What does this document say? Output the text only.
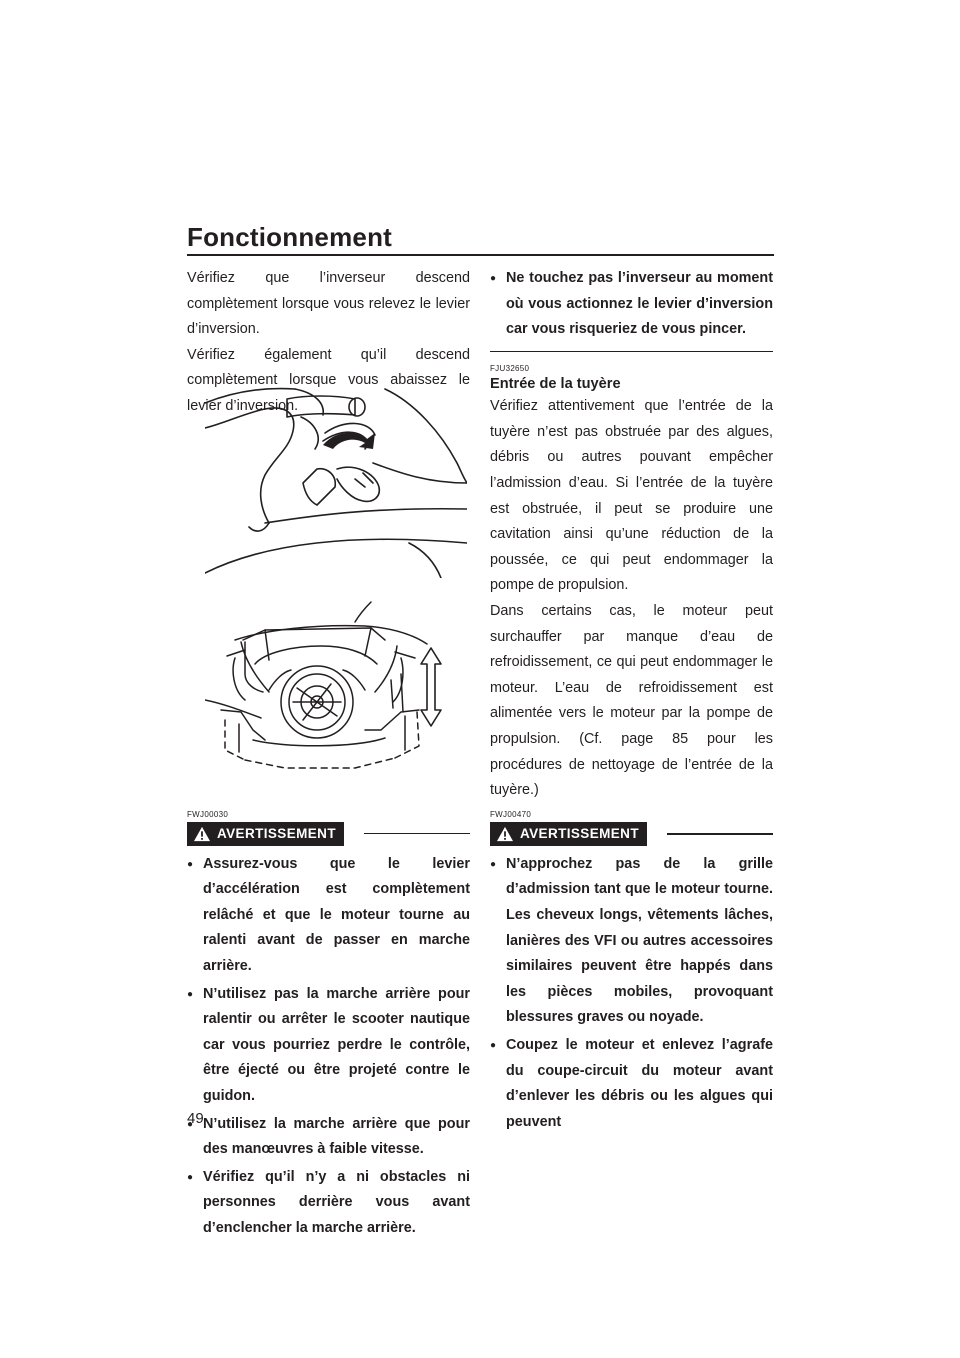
Fonctionnement

Vérifiez que l’inverseur descend complètement lorsque vous relevez le levier d’inversion.

Vérifiez également qu’il descend complètement lorsque vous abaissez le levier d’inversion.

FWJ00030
AVERTISSEMENT
● Assurez-vous que le levier d’accélération est complètement relâché et que le moteur tourne au ralenti avant de passer en marche arrière.
● N’utilisez pas la marche arrière pour ralentir ou arrêter le scooter nautique car vous pourriez perdre le contrôle, être éjecté ou être projeté contre le guidon.
● N’utilisez la marche arrière que pour des manœuvres à faible vitesse.
● Vérifiez qu’il n’y a ni obstacles ni personnes derrière vous avant d’enclencher la marche arrière.
● Ne touchez pas l’inverseur au moment où vous actionnez le levier d’inversion car vous risqueriez de vous pincer.
FJU32650

Entrée de la tuyère

Vérifiez attentivement que l’entrée de la tuyère n’est pas obstruée par des algues, débris ou autres pouvant empêcher l’admission d’eau. Si l’entrée de la tuyère est obstruée, il peut se produire une cavitation ainsi qu’une réduction de la poussée, ce qui peut endommager la pompe de propulsion.

Dans certains cas, le moteur peut surchauffer par manque d’eau de refroidissement, ce qui peut endommager le moteur. L’eau de refroidissement est alimentée vers le moteur par la pompe de propulsion. (Cf. page 85 pour les procédures de nettoyage de l’entrée de la tuyère.)

FWJ00470
AVERTISSEMENT
● N’approchez pas de la grille d’admission tant que le moteur tourne. Les cheveux longs, vêtements lâches, lanières des VFI ou autres accessoires similaires peuvent être happés dans les pièces mobiles, provoquant blessures graves ou noyade.
● Coupez le moteur et enlevez l’agrafe du coupe-circuit du moteur avant d’enlever les débris ou les algues qui peuvent
49
